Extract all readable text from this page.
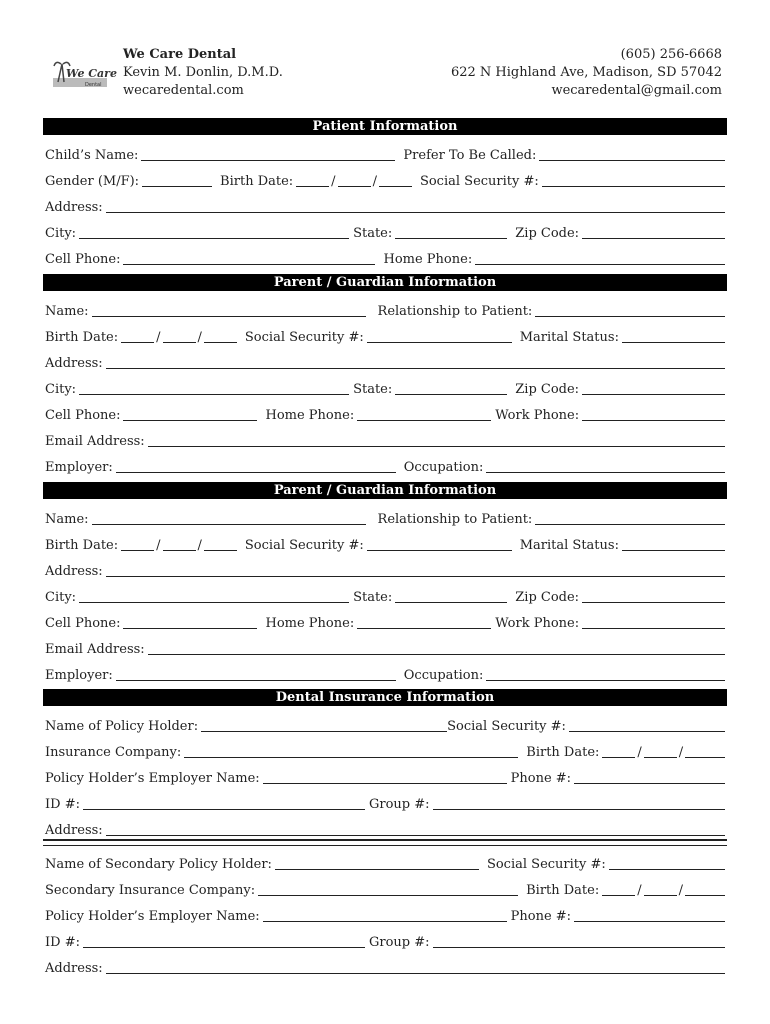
We Care
Dental
We Care Dental
Kevin M. Donlin, D.M.D.
wecaredental.com
(605) 256-6668
622 N Highland Ave, Madison, SD 57042
wecaredental@gmail.com
Patient Information
Child’s Name:	Prefer To Be Called:
Gender (M/F):	Birth Date:	/	/	Social Security #:
Address:
City:	State:	Zip Code:
Cell Phone:	Home Phone:
Parent / Guardian Information
Name:	Relationship to Patient:
Birth Date:	/	/	Social Security #:	Marital Status:
Address:
City:	State:	Zip Code:
Cell Phone:	Home Phone:	Work Phone:
Email Address:
Employer:	Occupation:
Parent / Guardian Information
Name:	Relationship to Patient:
Birth Date:	/	/	Social Security #:	Marital Status:
Address:
City:	State:	Zip Code:
Cell Phone:	Home Phone:	Work Phone:
Email Address:
Employer:	Occupation:
Dental Insurance Information
Name of Policy Holder:	Social Security #:
Insurance Company:	Birth Date:	/	/
Policy Holder’s Employer Name:	Phone #:
ID #:	Group #:
Address:
Name of Secondary Policy Holder:	Social Security #:
Secondary Insurance Company:	Birth Date:	/	/
Policy Holder’s Employer Name:	Phone #:
ID #:	Group #:
Address:
